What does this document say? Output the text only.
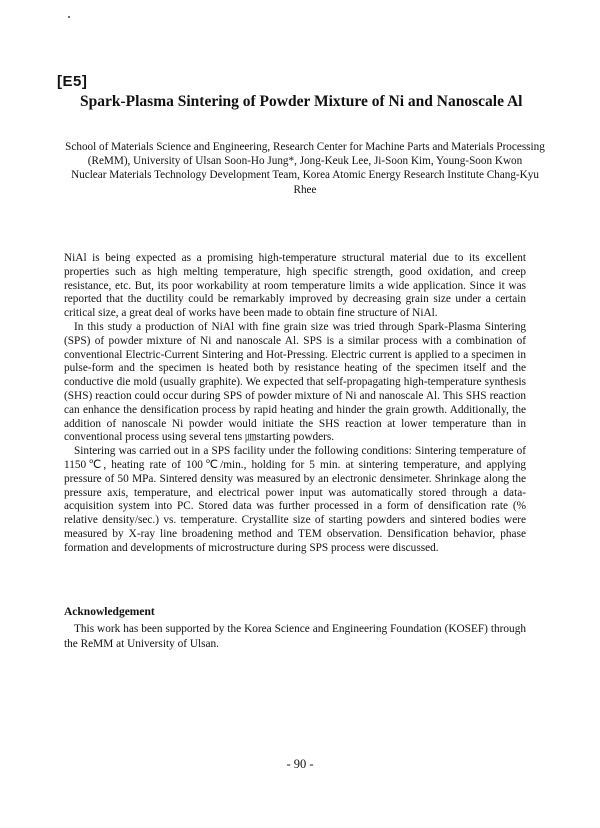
[E5]
Spark-Plasma Sintering of Powder Mixture of Ni and Nanoscale Al

School of Materials Science and Engineering, Research Center for Machine Parts and Materials Processing (ReMM), University of Ulsan Soon-Ho Jung*, Jong-Keuk Lee, Ji-Soon Kim, Young-Soon Kwon

Nuclear Materials Technology Development Team, Korea Atomic Energy Research Institute Chang-Kyu Rhee

NiAl is being expected as a promising high-temperature structural material due to its excellent properties such as high melting temperature, high specific strength, good oxidation, and creep resistance, etc. But, its poor workability at room temperature limits a wide application. Since it was reported that the ductility could be remarkably improved by decreasing grain size under a certain critical size, a great deal of works have been made to obtain fine structure of NiAl.

In this study a production of NiAl with fine grain size was tried through Spark-Plasma Sintering (SPS) of powder mixture of Ni and nanoscale Al. SPS is a similar process with a combination of conventional Electric-Current Sintering and Hot-Pressing. Electric current is applied to a specimen in pulse-form and the specimen is heated both by resistance heating of the specimen itself and the conductive die mold (usually graphite). We expected that self-propagating high-temperature synthesis (SHS) reaction could occur during SPS of powder mixture of Ni and nanoscale Al. This SHS reaction can enhance the densification process by rapid heating and hinder the grain growth. Additionally, the addition of nanoscale Ni powder would initiate the SHS reaction at lower temperature than in conventional process using several tens ㎛starting powders.

Sintering was carried out in a SPS facility under the following conditions: Sintering temperature of 1150℃, heating rate of 100℃/min., holding for 5 min. at sintering temperature, and applying pressure of 50 MPa. Sintered density was measured by an electronic densimeter. Shrinkage along the pressure axis, temperature, and electrical power input was automatically stored through a data-acquisition system into PC. Stored data was further processed in a form of densification rate (% relative density/sec.) vs. temperature. Crystallite size of starting powders and sintered bodies were measured by X-ray line broadening method and TEM observation. Densification behavior, phase formation and developments of microstructure during SPS process were discussed.

Acknowledgement

This work has been supported by the Korea Science and Engineering Foundation (KOSEF) through the ReMM at University of Ulsan.

- 90 -
